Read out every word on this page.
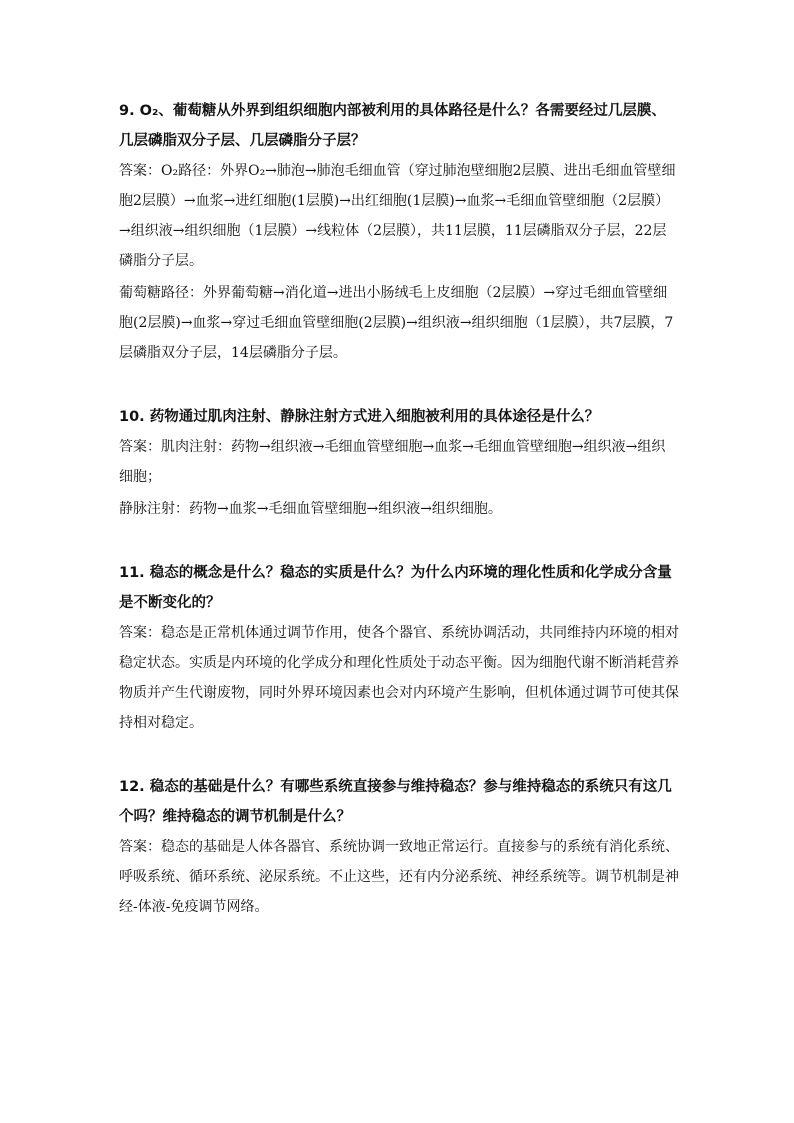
9. O₂、葡萄糖从外界到组织细胞内部被利用的具体路径是什么？各需要经过几层膜、几层磷脂双分子层、几层磷脂分子层？

答案：O₂路径：外界O₂→肺泡→肺泡毛细血管（穿过肺泡壁细胞2层膜、进出毛细血管壁细胞2层膜）→血浆→进红细胞(1层膜)→出红细胞(1层膜)→血浆→毛细血管壁细胞（2层膜）→组织液→组织细胞（1层膜）→线粒体（2层膜），共11层膜，11层磷脂双分子层，22层磷脂分子层。

葡萄糖路径：外界葡萄糖→消化道→进出小肠绒毛上皮细胞（2层膜）→穿过毛细血管壁细胞(2层膜)→血浆→穿过毛细血管壁细胞(2层膜)→组织液→组织细胞（1层膜），共7层膜，7层磷脂双分子层，14层磷脂分子层。

10. 药物通过肌肉注射、静脉注射方式进入细胞被利用的具体途径是什么？

答案：肌肉注射：药物→组织液→毛细血管壁细胞→血浆→毛细血管壁细胞→组织液→组织细胞；

静脉注射：药物→血浆→毛细血管壁细胞→组织液→组织细胞。

11. 稳态的概念是什么？稳态的实质是什么？为什么内环境的理化性质和化学成分含量是不断变化的？

答案：稳态是正常机体通过调节作用，使各个器官、系统协调活动，共同维持内环境的相对稳定状态。实质是内环境的化学成分和理化性质处于动态平衡。因为细胞代谢不断消耗营养物质并产生代谢废物，同时外界环境因素也会对内环境产生影响，但机体通过调节可使其保持相对稳定。

12. 稳态的基础是什么？有哪些系统直接参与维持稳态？参与维持稳态的系统只有这几个吗？维持稳态的调节机制是什么？

答案：稳态的基础是人体各器官、系统协调一致地正常运行。直接参与的系统有消化系统、呼吸系统、循环系统、泌尿系统。不止这些，还有内分泌系统、神经系统等。调节机制是神经-体液-免疫调节网络。
